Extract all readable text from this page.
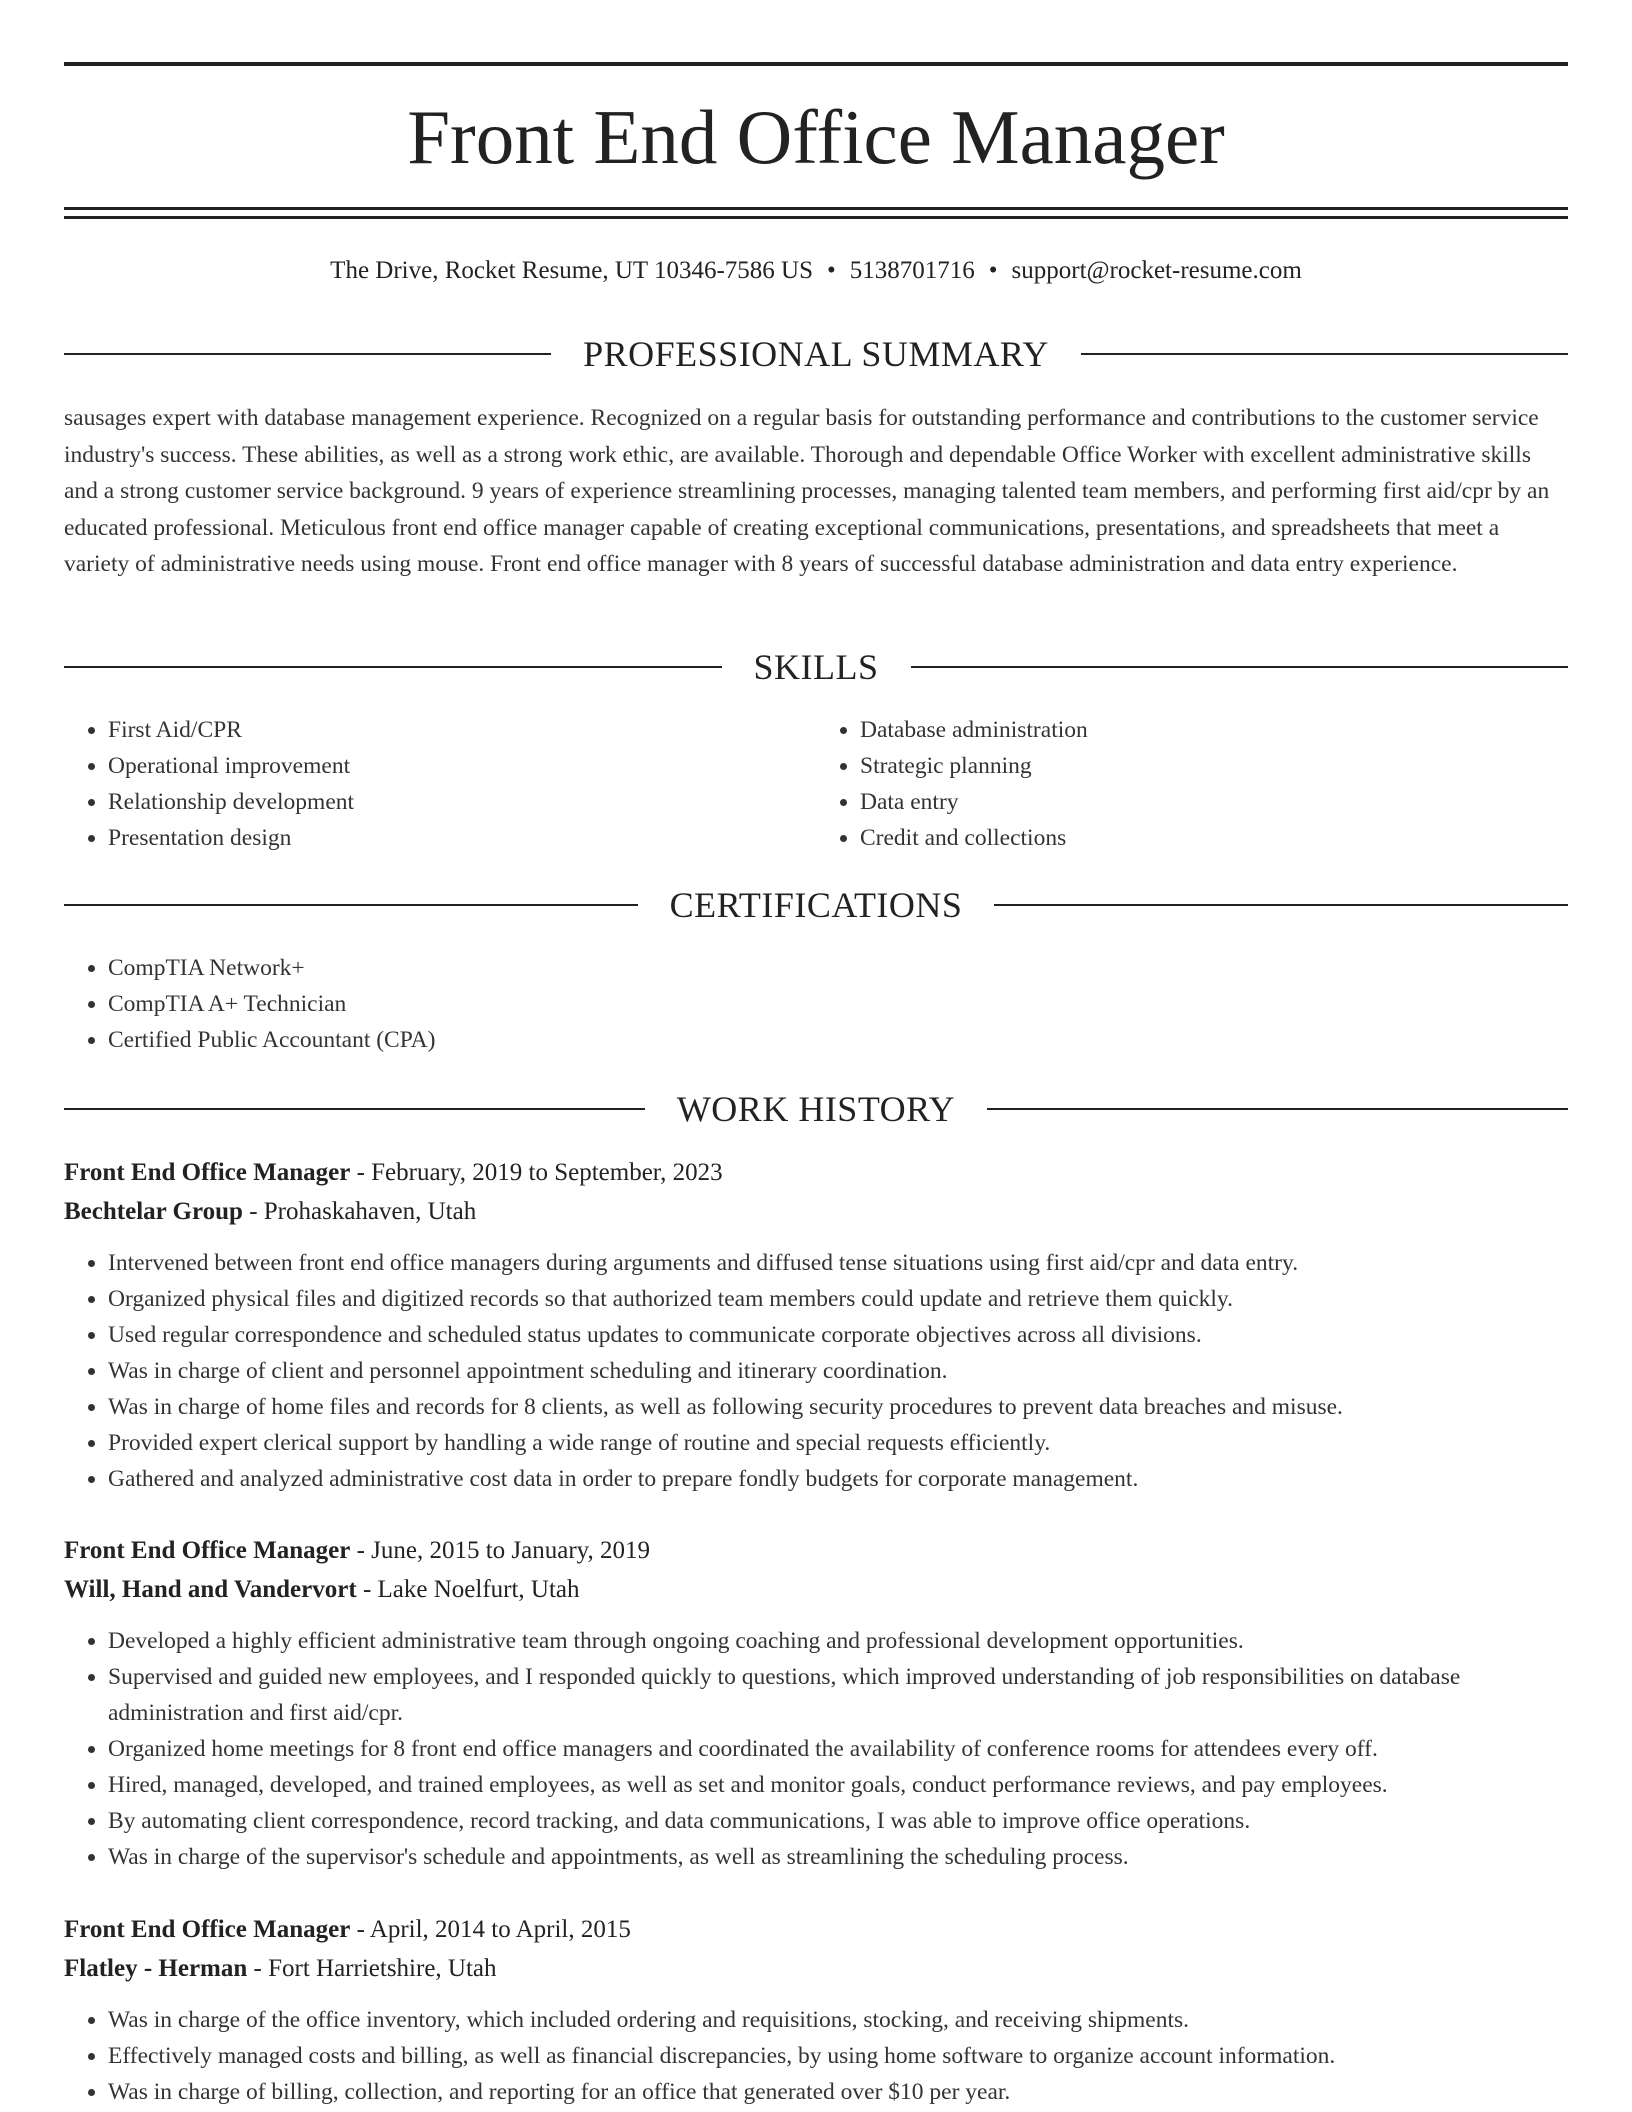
Front End Office Manager
The Drive, Rocket Resume, UT 10346-7586 US • 5138701716 • support@rocket-resume.com
PROFESSIONAL SUMMARY

sausages expert with database management experience. Recognized on a regular basis for outstanding performance and contributions to the customer service industry's success. These abilities, as well as a strong work ethic, are available. Thorough and dependable Office Worker with excellent administrative skills and a strong customer service background. 9 years of experience streamlining processes, managing talented team members, and performing first aid/cpr by an educated professional. Meticulous front end office manager capable of creating exceptional communications, presentations, and spreadsheets that meet a variety of administrative needs using mouse. Front end office manager with 8 years of successful database administration and data entry experience.

SKILLS
• First Aid/CPR
• Operational improvement
• Relationship development
• Presentation design
• Database administration
• Strategic planning
• Data entry
• Credit and collections
CERTIFICATIONS
• CompTIA Network+
• CompTIA A+ Technician
• Certified Public Accountant (CPA)
WORK HISTORY
Front End Office Manager - February, 2019 to September, 2023
Bechtelar Group - Prohaskahaven, Utah
• Intervened between front end office managers during arguments and diffused tense situations using first aid/cpr and data entry.
• Organized physical files and digitized records so that authorized team members could update and retrieve them quickly.
• Used regular correspondence and scheduled status updates to communicate corporate objectives across all divisions.
• Was in charge of client and personnel appointment scheduling and itinerary coordination.
• Was in charge of home files and records for 8 clients, as well as following security procedures to prevent data breaches and misuse.
• Provided expert clerical support by handling a wide range of routine and special requests efficiently.
• Gathered and analyzed administrative cost data in order to prepare fondly budgets for corporate management.
Front End Office Manager - June, 2015 to January, 2019
Will, Hand and Vandervort - Lake Noelfurt, Utah
• Developed a highly efficient administrative team through ongoing coaching and professional development opportunities.
• Supervised and guided new employees, and I responded quickly to questions, which improved understanding of job responsibilities on database administration and first aid/cpr.
• Organized home meetings for 8 front end office managers and coordinated the availability of conference rooms for attendees every off.
• Hired, managed, developed, and trained employees, as well as set and monitor goals, conduct performance reviews, and pay employees.
• By automating client correspondence, record tracking, and data communications, I was able to improve office operations.
• Was in charge of the supervisor's schedule and appointments, as well as streamlining the scheduling process.
Front End Office Manager - April, 2014 to April, 2015
Flatley - Herman - Fort Harrietshire, Utah
• Was in charge of the office inventory, which included ordering and requisitions, stocking, and receiving shipments.
• Effectively managed costs and billing, as well as financial discrepancies, by using home software to organize account information.
• Was in charge of billing, collection, and reporting for an office that generated over $10 per year.
